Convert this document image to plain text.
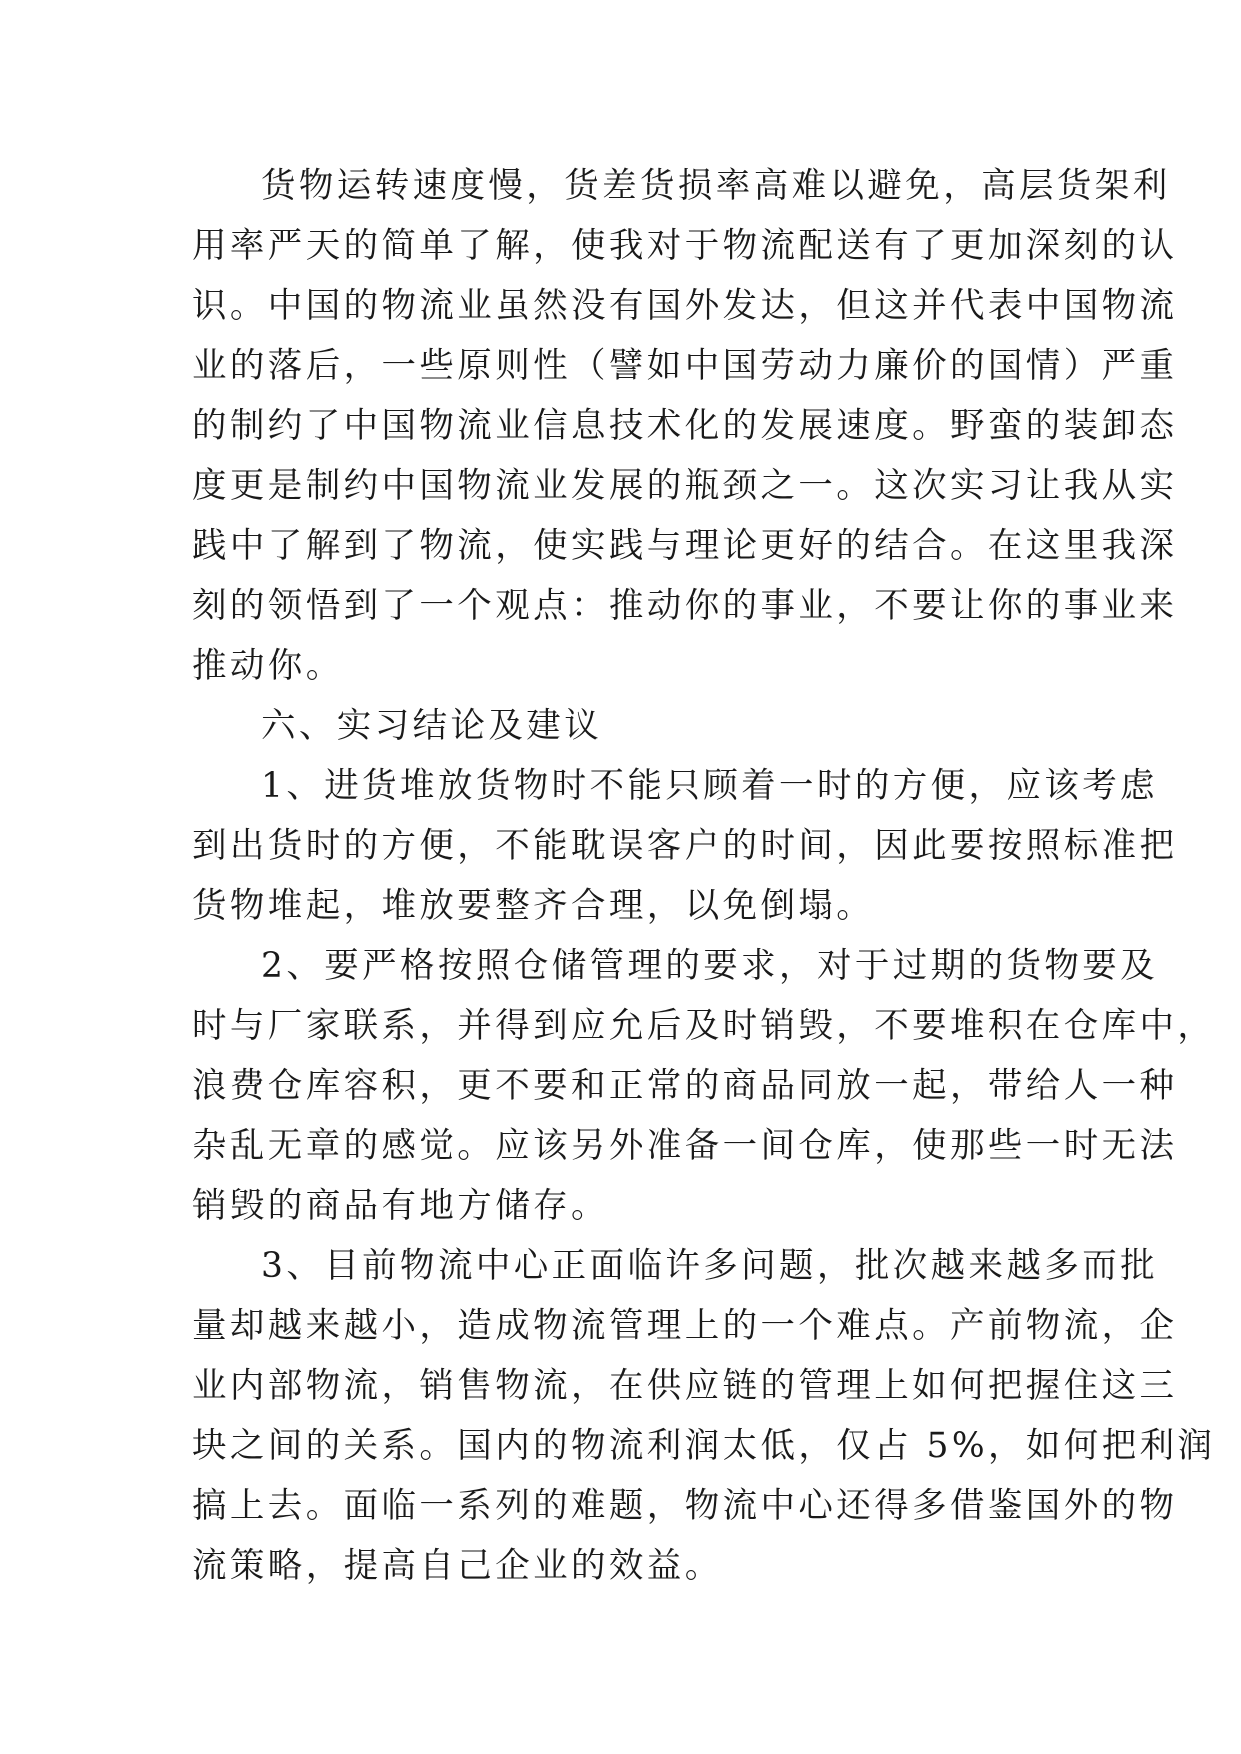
货物运转速度慢，货差货损率高难以避免，高层货架利
用率严天的简单了解，使我对于物流配送有了更加深刻的认
识。中国的物流业虽然没有国外发达，但这并代表中国物流
业的落后，一些原则性（譬如中国劳动力廉价的国情）严重
的制约了中国物流业信息技术化的发展速度。野蛮的装卸态
度更是制约中国物流业发展的瓶颈之一。这次实习让我从实
践中了解到了物流，使实践与理论更好的结合。在这里我深
刻的领悟到了一个观点：推动你的事业，不要让你的事业来
推动你。
六、实习结论及建议
1、进货堆放货物时不能只顾着一时的方便，应该考虑
到出货时的方便，不能耽误客户的时间，因此要按照标准把
货物堆起，堆放要整齐合理，以免倒塌。
2、要严格按照仓储管理的要求，对于过期的货物要及
时与厂家联系，并得到应允后及时销毁，不要堆积在仓库中，
浪费仓库容积，更不要和正常的商品同放一起，带给人一种
杂乱无章的感觉。应该另外准备一间仓库，使那些一时无法
销毁的商品有地方储存。
3、目前物流中心正面临许多问题，批次越来越多而批
量却越来越小，造成物流管理上的一个难点。产前物流，企
业内部物流，销售物流，在供应链的管理上如何把握住这三
块之间的关系。国内的物流利润太低，仅占 5%，如何把利润
搞上去。面临一系列的难题，物流中心还得多借鉴国外的物
流策略，提高自己企业的效益。
